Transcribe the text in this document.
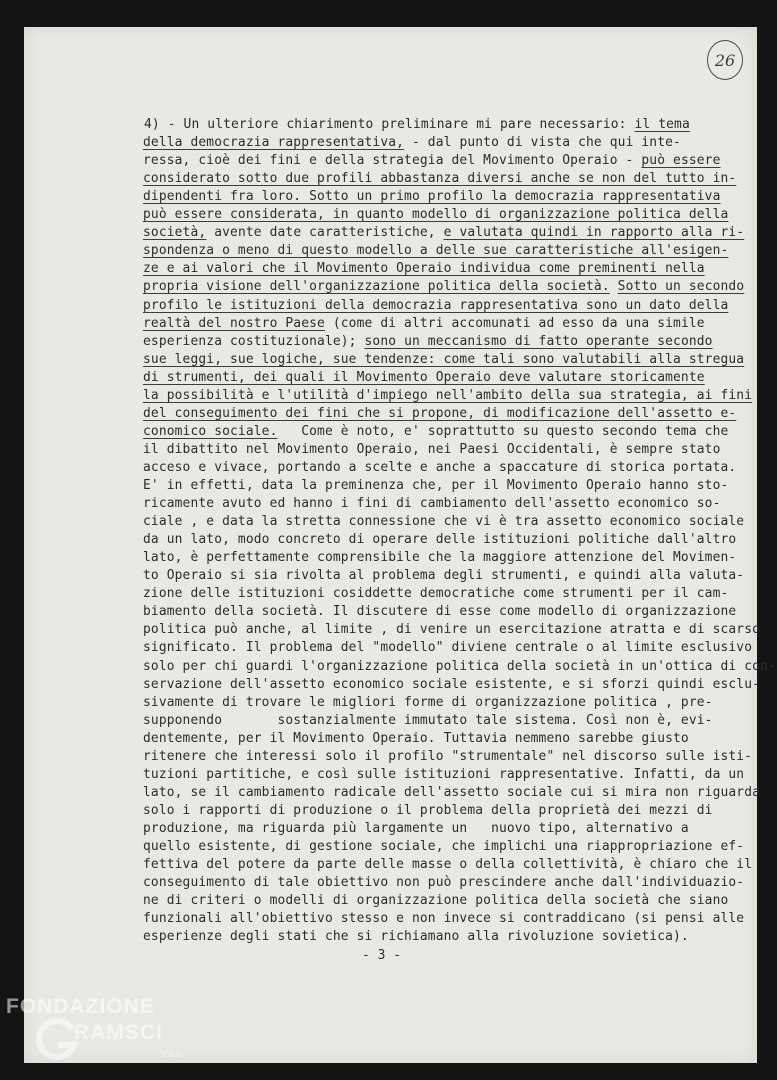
26
4) - Un ulteriore chiarimento preliminare mi pare necessario: il tema
della democrazia rappresentativa, - dal punto di vista che qui inte-
ressa, cioè dei fini e della strategia del Movimento Operaio - può essere
considerato sotto due profili abbastanza diversi anche se non del tutto in-
dipendenti fra loro. Sotto un primo profilo la democrazia rappresentativa
può essere considerata, in quanto modello di organizzazione politica della
società, avente date caratteristiche, e valutata quindi in rapporto alla ri-
spondenza o meno di questo modello a delle sue caratteristiche all'esigen-
ze e ai valori che il Movimento Operaio individua come preminenti nella
propria visione dell'organizzazione politica della società. Sotto un secondo
profilo le istituzioni della democrazia rappresentativa sono un dato della
realtà del nostro Paese (come di altri accomunati ad esso da una simile
esperienza costituzionale); sono un meccanismo di fatto operante secondo
sue leggi, sue logiche, sue tendenze: come tali sono valutabili alla stregua
di strumenti, dei quali il Movimento Operaio deve valutare storicamente
la possibilità e l'utilità d'impiego nell'ambito della sua strategia, ai fini
del conseguimento dei fini che si propone, di modificazione dell'assetto e-
conomico sociale.   Come è noto, e' soprattutto su questo secondo tema che
il dibattito nel Movimento Operaio, nei Paesi Occidentali, è sempre stato
acceso e vivace, portando a scelte e anche a spaccature di storica portata.
E' in effetti, data la preminenza che, per il Movimento Operaio hanno sto-
ricamente avuto ed hanno i fini di cambiamento dell'assetto economico so-
ciale , e data la stretta connessione che vi è tra assetto economico sociale
da un lato, modo concreto di operare delle istituzioni politiche dall'altro
lato, è perfettamente comprensibile che la maggiore attenzione del Movimen-
to Operaio si sia rivolta al problema degli strumenti, e quindi alla valuta-
zione delle istituzioni cosiddette democratiche come strumenti per il cam-
biamento della società. Il discutere di esse come modello di organizzazione
politica può anche, al limite , di venire un esercitazione atratta e di scarso
significato. Il problema del "modello" diviene centrale o al limite esclusivo
solo per chi guardi l'organizzazione politica della società in un'ottica di con-
servazione dell'assetto economico sociale esistente, e si sforzi quindi esclu-
sivamente di trovare le migliori forme di organizzazione politica , pre-
supponendo       sostanzialmente immutato tale sistema. Così non è, evi-
dentemente, per il Movimento Operaio. Tuttavia nemmeno sarebbe giusto
ritenere che interessi solo il profilo "strumentale" nel discorso sulle isti-
tuzioni partitiche, e così sulle istituzioni rappresentative. Infatti, da un
lato, se il cambiamento radicale dell'assetto sociale cui si mira non riguarda
solo i rapporti di produzione o il problema della proprietà dei mezzi di
produzione, ma riguarda più largamente un   nuovo tipo, alternativo a
quello esistente, di gestione sociale, che implichi una riappropriazione ef-
fettiva del potere da parte delle masse o della collettività, è chiaro che il
conseguimento di tale obiettivo non può prescindere anche dall'individuazio-
ne di criteri o modelli di organizzazione politica della società che siano
funzionali all'obiettivo stesso e non invece si contraddicano (si pensi alle
esperienze degli stati che si richiamano alla rivoluzione sovietica).
- 3 -
FONDAZIONE
RAMSCI
onlus
